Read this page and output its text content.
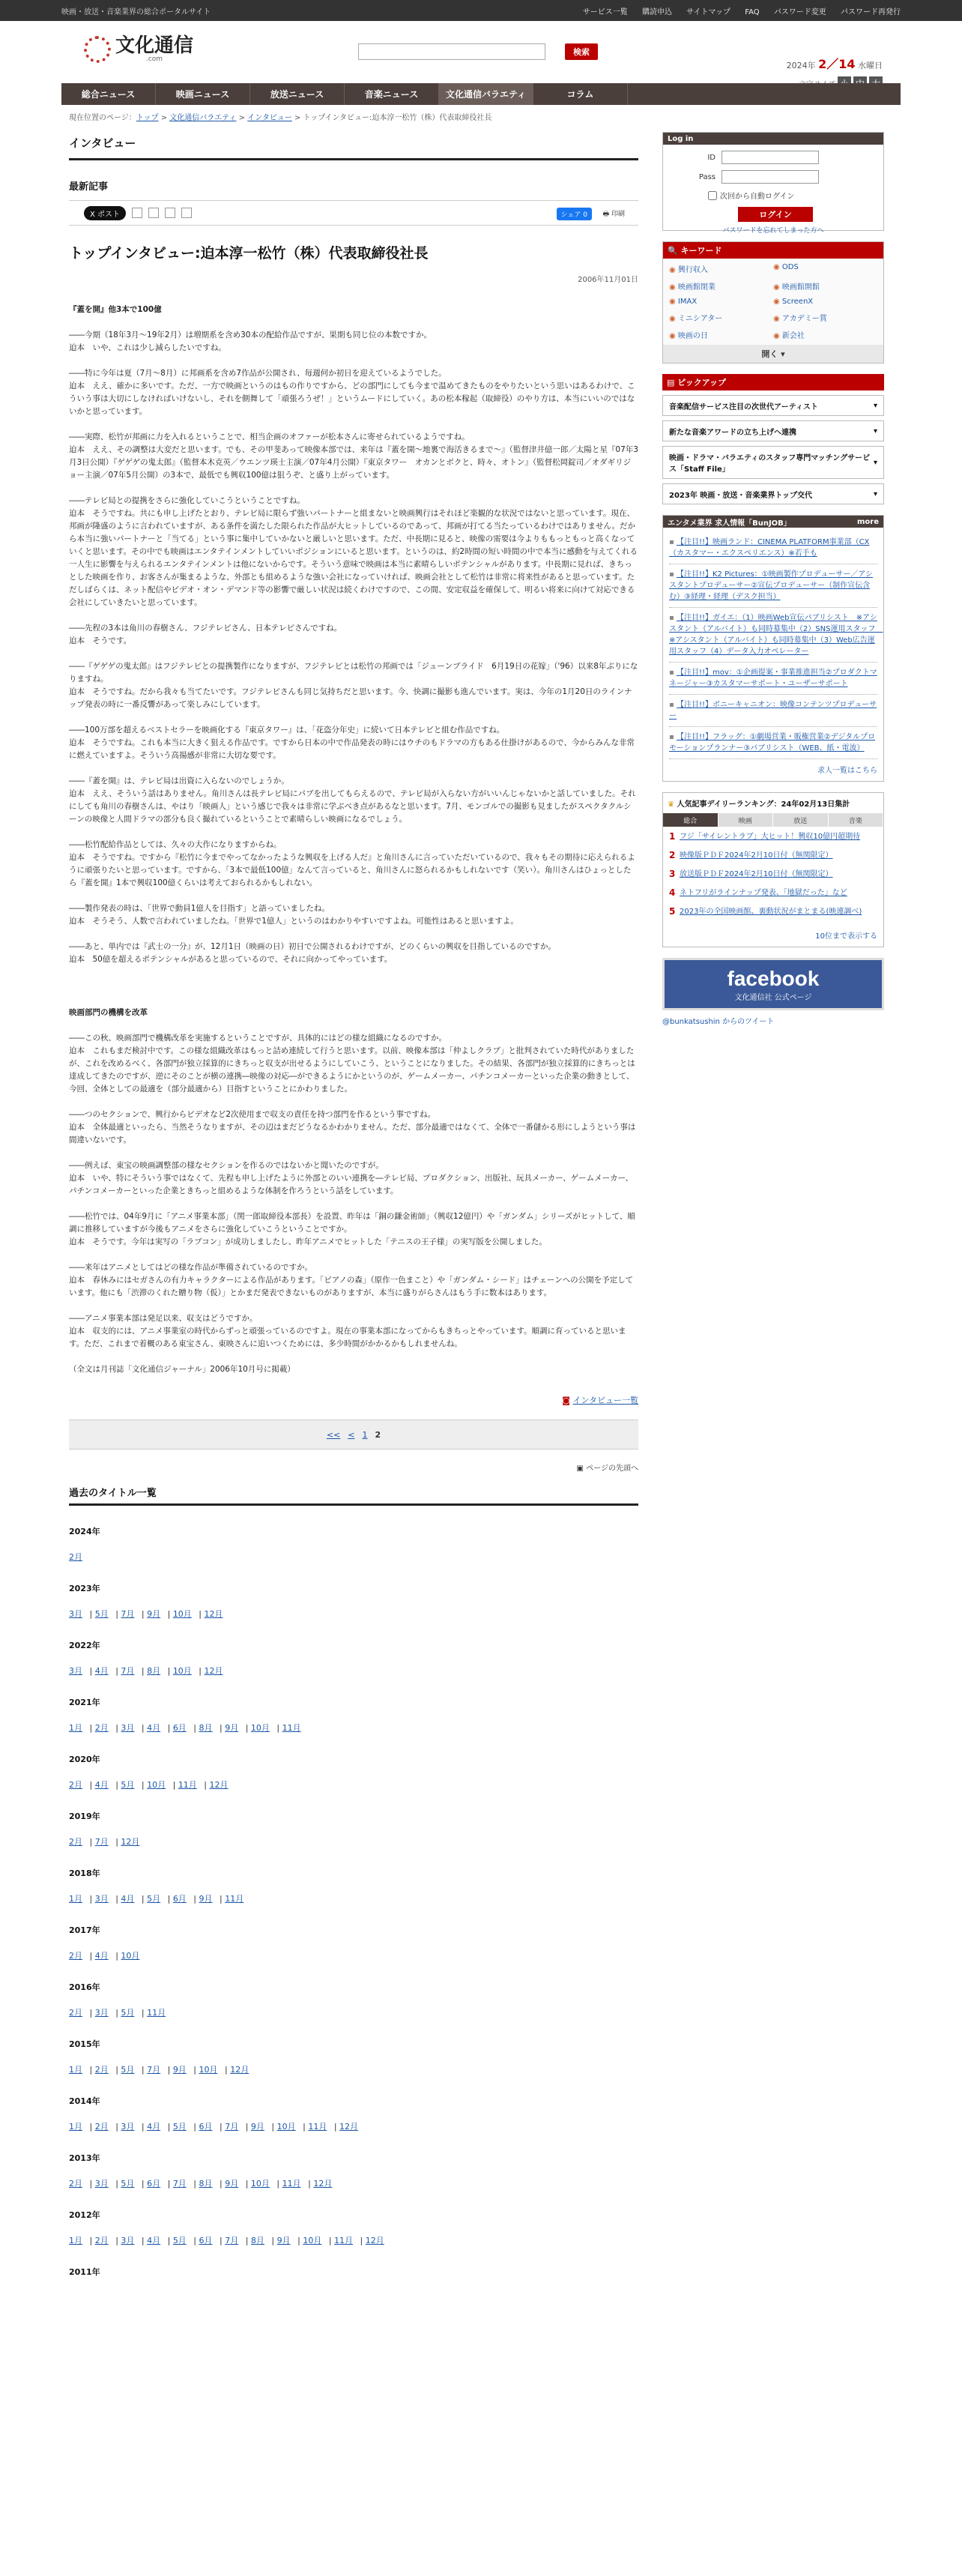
映画・放送・音楽業界の総合ポータルサイト	サービス一覧 購読申込 サイトマップ FAQ パスワード変更 パスワード再発行
文化通信
.com
2024年 2／14 水曜日
検索
総合ニュース	映画ニュース	放送ニュース	音楽ニュース	文化通信バラエティ	コラム
現在位置のページ：トップ > 文化通信バラエティ > インタビュー > トップインタビュー:迫本淳一松竹（株）代表取締役社長
インタビュー
最新記事
X ポスト	シェア 0	🖶 印刷
トップインタビュー:迫本淳一松竹（株）代表取締役社長
2006年11月01日

『蓋を開』他3本で100億

――今期（18年3月～19年2月）は増期系を含め30本の配給作品ですが、果期も同じ位の本数ですか。
迫本　いや、これは少し減らしたいですね。

――特に今年は夏（7月～8月）に邦画系を含め7作品が公開され、毎週何か初日を迎えているようでした。
迫本　ええ、確かに多いです。ただ、一方で映画というのはもの作りですから、どの部門にしても今まで温めてきたものをやりたいという思いはあるわけで、こういう事は大切にしなければいけないし、それを側舞して「頑張ろうぜ！」というムードにしていく。あの松本稼起（取締役）のやり方は、本当にいいのではないかと思っています。

――実際、松竹が邦画に力を入れるということで、相当企画のオファーが松本さんに寄せられているようですね。
迫本　ええ、その調整は大変だと思います。でも、その甲斐あって映像本部では、来年は『蓋を開～地裏で海活きるまで～』（監督津井億一郎／太陽と星『07年3月3日公開）『ゲゲゲの鬼太郎』（監督本木克英／ウエンツ瑛士主演／07年4月公開）『東京タワー　オカンとボクと、時々、オトン』（監督松岡錠司／オダギリジョー主演／07年5月公開）の3本で、最低でも興収100億は狙うぞ、と盛り上がっています。

――テレビ局との提携をさらに強化していこうということですね。
迫本　そうですね。共にも申し上げたとおり、テレビ局に限らず強いパートナーと組まないと映画興行はそれほど楽観的な状況ではないと思っています。現在、邦画が隆盛のように言われていますが、ある条件を満たした限られた作品が大ヒットしているのであって、邦画が打てる当たっているわけではありません。だから本当に強いパートナーと「当てる」という事に集中していかないと厳しいと思います。ただ、中長期に見ると、映像の需要は今よりももっともっと高くなっていくと思います。その中でも映画はエンタテインメントしていいポジションにいると思います。というのは、約2時間の短い時間の中で本当に感動を与えてくれる一人生に影響を与えられるエンタテインメントは他にないからです。そういう意味で映画は本当に素晴らしいポテンシャルがあります。中長期に見れば、きちっとした映画を作り、お客さんが集まるような、外部とも組めるような強い会社になっていければ、映画会社として松竹は非常に将来性があると思っています。ただしばらくは、ネット配信やビデオ・オン・デマンド等の影響で厳しい状況は続くわけですので、この間、安定収益を確保して、明るい将来に向けて対応できる会社にしていきたいと思っています。

――先程の3本は角川の春樹さん、フジテレビさん、日本テレビさんですね。
迫本　そうです。

――『ゲゲゲの鬼太郎』はフジテレビとの提携製作になりますが、フジテレビとは松竹の邦画では「ジューンブライド　6月19日の花嫁」（'96）以来8年ぶりになりますね。
迫本　そうですね。だから我々も当てたいです。フジテレビさんも同じ気持ちだと思います。今、快調に撮影も進んでいます。実は、今年の1月20日のラインナップ発表の時に一番反響があって楽しみにしています。

――100万部を超えるベストセラーを映画化する『東京タワー』は、「花盗分年史」に続いて日本テレビと組む作品ですね。
迫本　そうですね。これも本当に大きく狙える作品です。ですから日本の中で作品発表の時にはウチのもドラマの方もある仕掛けがあるので、今からみんな非常に燃えていますよ。そういう高揚感が非常に大切な要です。

――『蓋を開』は、テレビ局は出資に入らないのでしょうか。
迫本　ええ、そういう話はありません。角川さんは長テレビ局にパブを出してもらえるので、テレビ局が入らない方がいいんじゃないかと話していました。それにしても角川の春樹さんは、やはり「映画人」という感じで我々は非常に学ぶべき点があるなと思います。7月、モンゴルでの撮影も見ましたがスペクタクルシーンの映像と人間ドラマの部分も良く撮れているということで素晴らしい映画になるでしょう。

――松竹配給作品としては、久々の大作になりますからね。
迫本　そうですね。ですから『松竹に今までやってなかったような興収を上げる人だ』と角川さんに言っていただいているので、我々もその期待に応えられるように頑張りたいと思っています。ですから、「3本で最低100億」なんて言っていると、角川さんに怒られるかもしれないです（笑い）。角川さんはひょっとしたら『蓋を開』1本で興収100億くらいは考えておられるかもしれない。

――製作発表の時は、「世界で動員1億人を目指す」と語っていましたね。
迫本　そうそう、人数で言われていましたね。「世界で1億人」というのはわかりやすいですよね。可能性はあると思いますよ。

――あと、単内では『武士の一分』が、12月1日（映画の日）初日で公開されるわけですが、どのくらいの興収を目指しているのですか。
迫本　50億を超えるポテンシャルがあると思っているので、それに向かってやっています。

映画部門の機構を改革

――この秋、映画部門で機構改革を実施するということですが、具体的にはどの様な組織になるのですか。
迫本　これもまだ検討中です。この様な組織改革はもっと詰め連続して行うと思います。以前、映像本部は「仲よしクラブ」と批判されていた時代がありましたが、これを改めるべく、各部門が独立採算的にきちっと収支が出せるようにしていこう、ということになりました。その結果、各部門が独立採算的にきちっとは達成してきたのですが、逆にそのことが横の連携―映像の対応―ができるようにかというのが、ゲームメーカー、パチンコメーカーといった企業の動きとして、今回、全体としての最適を（部分最適から）目指すということにかわりました。

――つのセクションで、興行からビデオなど2次使用まで収支の責任を持つ部門を作るという事ですね。
迫本　全体最適といったら、当然そうなりますが、その辺はまだどうなるかわかりません。ただ、部分最適ではなくて、全体で一番儲かる形にしようという事は間違いないです。

――例えば、東宝の映画調整部の様なセクションを作るのではないかと聞いたのですが。
迫本　いや、特にそういう事ではなくて、先程も申し上げたように外部とのいい連携を―テレビ局、プロダクション、出版社、玩具メーカー、ゲームメーカー、パチンコメーカーといった企業ときちっと組めるような体制を作ろうという話をしています。

――松竹では、04年9月に「アニメ事業本部」（関一郎取締役本部長）を設置、昨年は「銅の鎌金術師」（興収12億円）や「ガンダム」シリーズがヒットして、順調に推移していますが今後もアニメをさらに強化していこうということですか。
迫本　そうです。今年は実写の「ラブコン」が成功しましたし、昨年アニメでヒットした「テニスの王子様」の実写版を公開しました。

――来年はアニメとしてはどの様な作品が準備されているのですか。
迫本　春休みにはセガさんの有力キャラクターによる作品があります。「ピアノの森」（原作一色まこと）や「ガンダム・シード」はチェーンへの公開を予定しています。他にも「渋滞のくれた贈り物（仮）」とかまだ発表できないものがありますが、本当に盛りがらさんはもう手に数本はあります。

――アニメ事業本部は発足以来、収支はどうですか。
迫本　収支的には、アニメ事業室の時代からずっと頑張っているのですよ。現在の事業本部になってからもきちっとやっています。順調に育っていると思います。ただ、これまで着概のある東宝さん、東映さんに追いつくためには、多少時間がかかるかもしれませんね。

（全文は月刊誌「文化通信ジャーナル」2006年10月号に掲載）

◙ インタビュー一覧
<< < 1 2
▣ ページの先頭へ
過去のタイトル一覧
2024年
2月
2023年
3月 | 5月 | 7月 | 9月 | 10月 | 12月
2022年
3月 | 4月 | 7月 | 8月 | 10月 | 12月
2021年
1月 | 2月 | 3月 | 4月 | 6月 | 8月 | 9月 | 10月 | 11月
2020年
2月 | 4月 | 5月 | 10月 | 11月 | 12月
2019年
2月 | 7月 | 12月
2018年
1月 | 3月 | 4月 | 5月 | 6月 | 9月 | 11月
2017年
2月 | 4月 | 10月
2016年
2月 | 3月 | 5月 | 11月
2015年
1月 | 2月 | 5月 | 7月 | 9月 | 10月 | 12月
2014年
1月 | 2月 | 3月 | 4月 | 5月 | 6月 | 7月 | 9月 | 10月 | 11月 | 12月
2013年
2月 | 3月 | 5月 | 6月 | 7月 | 8月 | 9月 | 10月 | 11月 | 12月
2012年
1月 | 2月 | 3月 | 4月 | 5月 | 6月 | 7月 | 8月 | 9月 | 10月 | 11月 | 12月
2011年
Log in
ID
Pass
次回から自動ログイン
ログイン
パスワードを忘れてしまった方へ
🔍 キーワード
◉ 興行収入	◉ ODS
◉ 映画館閉業	◉ 映画館開館
◉ IMAX	◉ ScreenX
◉ ミニシアター	◉ アカデミー賞
◉ 映画の日	◉ 新会社
開く ▾
▤ ピックアップ
音楽配信サービス注目の次世代アーティスト	▾
新たな音楽アワードの立ち上げへ連携	▾
映画・ドラマ・バラエティのスタッフ専門マッチングサービス「Staff File」
▾
2023年 映画・放送・音楽業界トップ交代	▾
エンタメ業界 求人情報「BunJOB」	more
▪ 【注目!!】映画ランド：CINEMA PLATFORM事業部（CX（カスタマー・エクスペリエンス）※若手も
▪ 【注目!!】K2 Pictures：①映画製作プロデューサー／アシスタントプロデューサー②宣伝プロデューサー（制作宣伝含む）③経理・経理（デスク担当）
▪ 【注目!!】ガイエ：（1）映画Web宣伝パブリシスト　※アシスタント（アルバイト）も同時募集中（2）SNS運用スタッフ　※アシスタント（アルバイト）も同時募集中（3）Web広告運用スタッフ（4）データ入力オペレーター
▪ 【注目!!】mov：①企画提案・事業推進担当②プロダクトマネージャー③カスタマーサポート・ユーザーサポート
▪ 【注目!!】ボニーキャニオン：映像コンテンツプロデューサー
▪ 【注目!!】フラッグ：①劇場営業・販権営業②デジタルプロモーションプランナー③パブリシスト（WEB、紙・電波）
求人一覧はこちら
♛ 人気記事デイリーランキング：24年02月13日集計
総合	映画	放送	音楽
1 フジ「サイレントラブ」大ヒット！興収10億円超期待
2 映像版ＰＤＦ2024年2月10日付（無関限定）
3 放送版ＰＤＦ2024年2月10日付（無関限定）
4 ネトフリがラインナップ発表、「地獄だった」など
5 2023年の全国映画館、裏動状況がまとまる(映連調べ)
10位まで表示する
facebook
文化通信社 公式ページ
@bunkatsushin からのツイート
